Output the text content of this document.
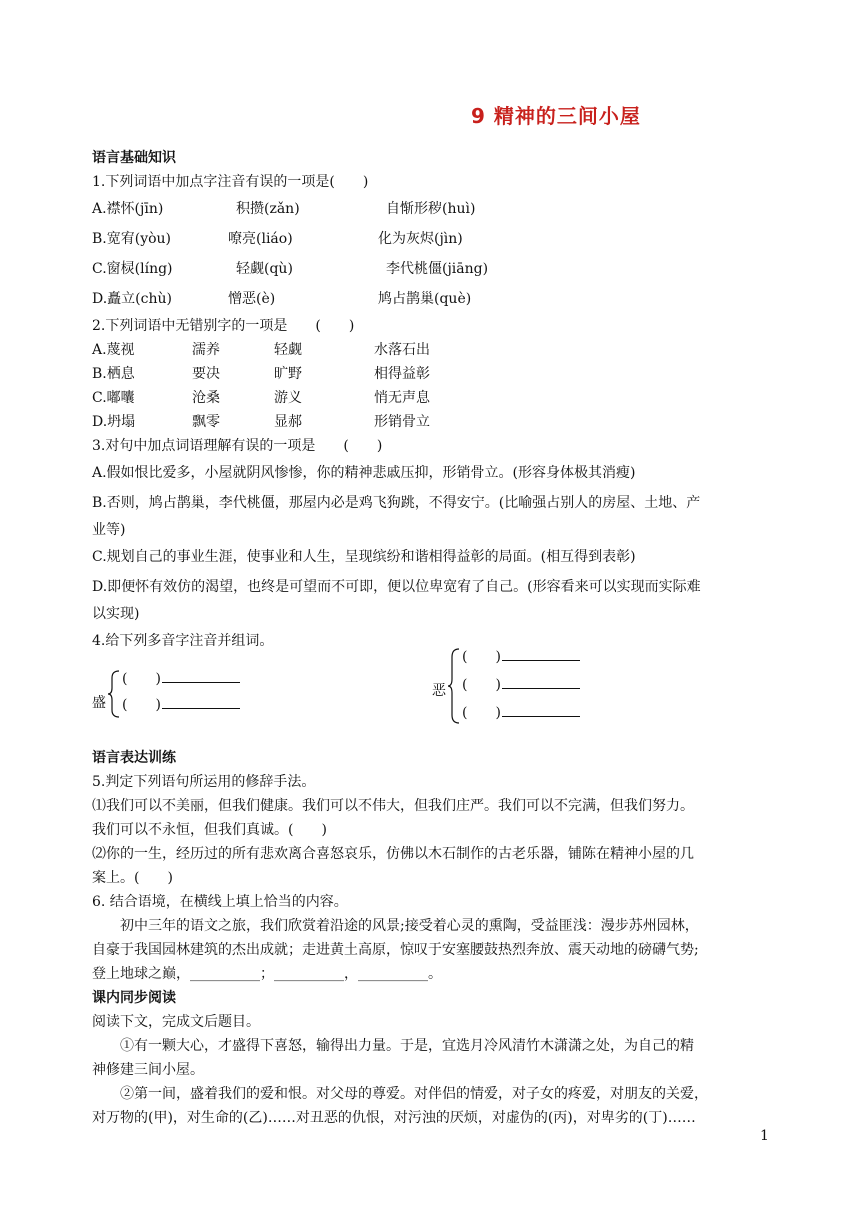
9 精神的三间小屋
语言基础知识
1.下列词语中加点字注音有误的一项是(　　)
A.襟怀(jīn)	积攒(zǎn)	自惭形秽(huì)
B.宽宥(yòu)	嘹亮(liáo)	化为灰烬(jìn)
C.窗棂(líng)	轻觑(qù)	李代桃僵(jiāng)
D.矗立(chù)	憎恶(è)	鸠占鹊巢(què)
2.下列词语中无错别字的一项是　　(　　)
A.蔑视	濡养	轻觑	水落石出
B.栖息	要决	旷野	相得益彰
C.嘟囔	沧桑	游义	悄无声息
D.坍塌	飘零	显郝	形销骨立
3.对句中加点词语理解有误的一项是　　(　　)
A.假如恨比爱多，小屋就阴风惨惨，你的精神悲戚压抑，形销骨立。(形容身体极其消瘦)
B.否则，鸠占鹊巢，李代桃僵，那屋内必是鸡飞狗跳，不得安宁。(比喻强占别人的房屋、土地、产
业等)
C.规划自己的事业生涯，使事业和人生，呈现缤纷和谐相得益彰的局面。(相互得到表彰)
D.即便怀有效仿的渴望，也终是可望而不可即，便以位卑宽宥了自己。(形容看来可以实现而实际难
以实现)
4.给下列多音字注音并组词。
盛
(　　)
(　　)
恶
(　　)
(　　)
(　　)
语言表达训练
5.判定下列语句所运用的修辞手法。
⑴我们可以不美丽，但我们健康。我们可以不伟大，但我们庄严。我们可以不完满，但我们努力。
我们可以不永恒，但我们真诚。(　　)
⑵你的一生，经历过的所有悲欢离合喜怒哀乐，仿佛以木石制作的古老乐器，铺陈在精神小屋的几
案上。(　　)
6. 结合语境，在横线上填上恰当的内容。
初中三年的语文之旅，我们欣赏着沿途的风景;接受着心灵的熏陶，受益匪浅：漫步苏州园林，
自豪于我国园林建筑的杰出成就；走进黄土高原，惊叹于安塞腰鼓热烈奔放、震天动地的磅礴气势;
登上地球之巅，__________；__________，__________。
课内同步阅读
阅读下文，完成文后题目。
①有一颗大心，才盛得下喜怒，输得出力量。于是，宜选月冷风清竹木潇潇之处，为自己的精
神修建三间小屋。
②第一间，盛着我们的爱和恨。对父母的尊爱。对伴侣的情爱，对子女的疼爱，对朋友的关爱，
对万物的(甲)，对生命的(乙)……对丑恶的仇恨，对污浊的厌烦，对虚伪的(丙)，对卑劣的(丁)……
1
